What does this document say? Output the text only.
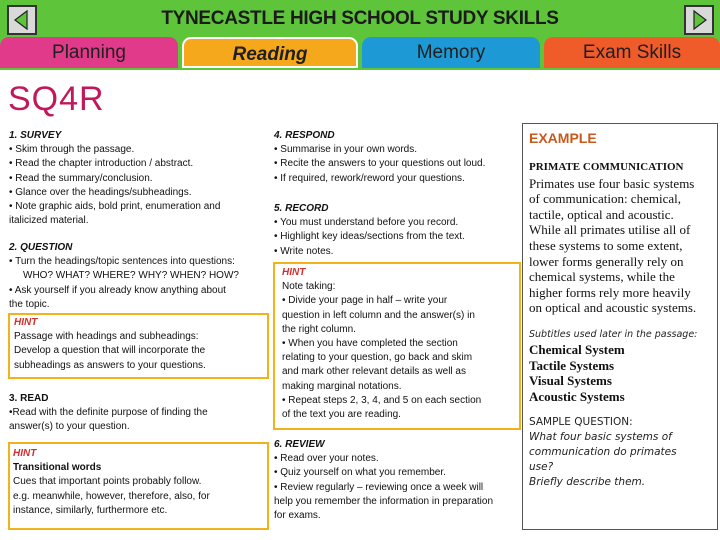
TYNECASTLE HIGH SCHOOL STUDY SKILLS
Planning	Reading	Memory	Exam Skills
SQ4R
1. SURVEY
• Skim through the passage.
• Read the chapter introduction / abstract.
• Read the summary/conclusion.
• Glance over the headings/subheadings.
• Note graphic aids, bold print, enumeration and
italicized material.
2. QUESTION
• Turn the headings/topic sentences into questions:
WHO? WHAT? WHERE? WHY? WHEN? HOW?
• Ask yourself if you already know anything about
the topic.
HINT
Passage with headings and subheadings:
Develop a question that will incorporate the
subheadings as answers to your questions.
3. READ
•Read with the definite purpose of finding the
answer(s) to your question.
HINT
Transitional words
Cues that important points probably follow.
e.g. meanwhile, however, therefore, also, for
instance, similarly, furthermore etc.
4. RESPOND
• Summarise in your own words.
• Recite the answers to your questions out loud.
• If required, rework/reword your questions.
5. RECORD
• You must understand before you record.
• Highlight key ideas/sections from the text.
• Write notes.
HINT
Note taking:
• Divide your page in half – write your
question in left column and the answer(s) in
the right column.
• When you have completed the section
relating to your question, go back and skim
and mark other relevant details as well as
making marginal notations.
• Repeat steps 2, 3, 4, and 5 on each section
of the text you are reading.
6. REVIEW
• Read over your notes.
• Quiz yourself on what you remember.
• Review regularly – reviewing once a week will
help you remember the information in preparation
for exams.
EXAMPLE
PRIMATE COMMUNICATION
Primates use four basic systems
of communication: chemical,
tactile, optical and acoustic.
While all primates utilise all of
these systems to some extent,
lower forms generally rely on
chemical systems, while the
higher forms rely more heavily
on optical and acoustic systems.
Subtitles used later in the passage:
Chemical System
Tactile Systems
Visual Systems
Acoustic Systems
SAMPLE QUESTION:
What four basic systems of
communication do primates
use?
Briefly describe them.
